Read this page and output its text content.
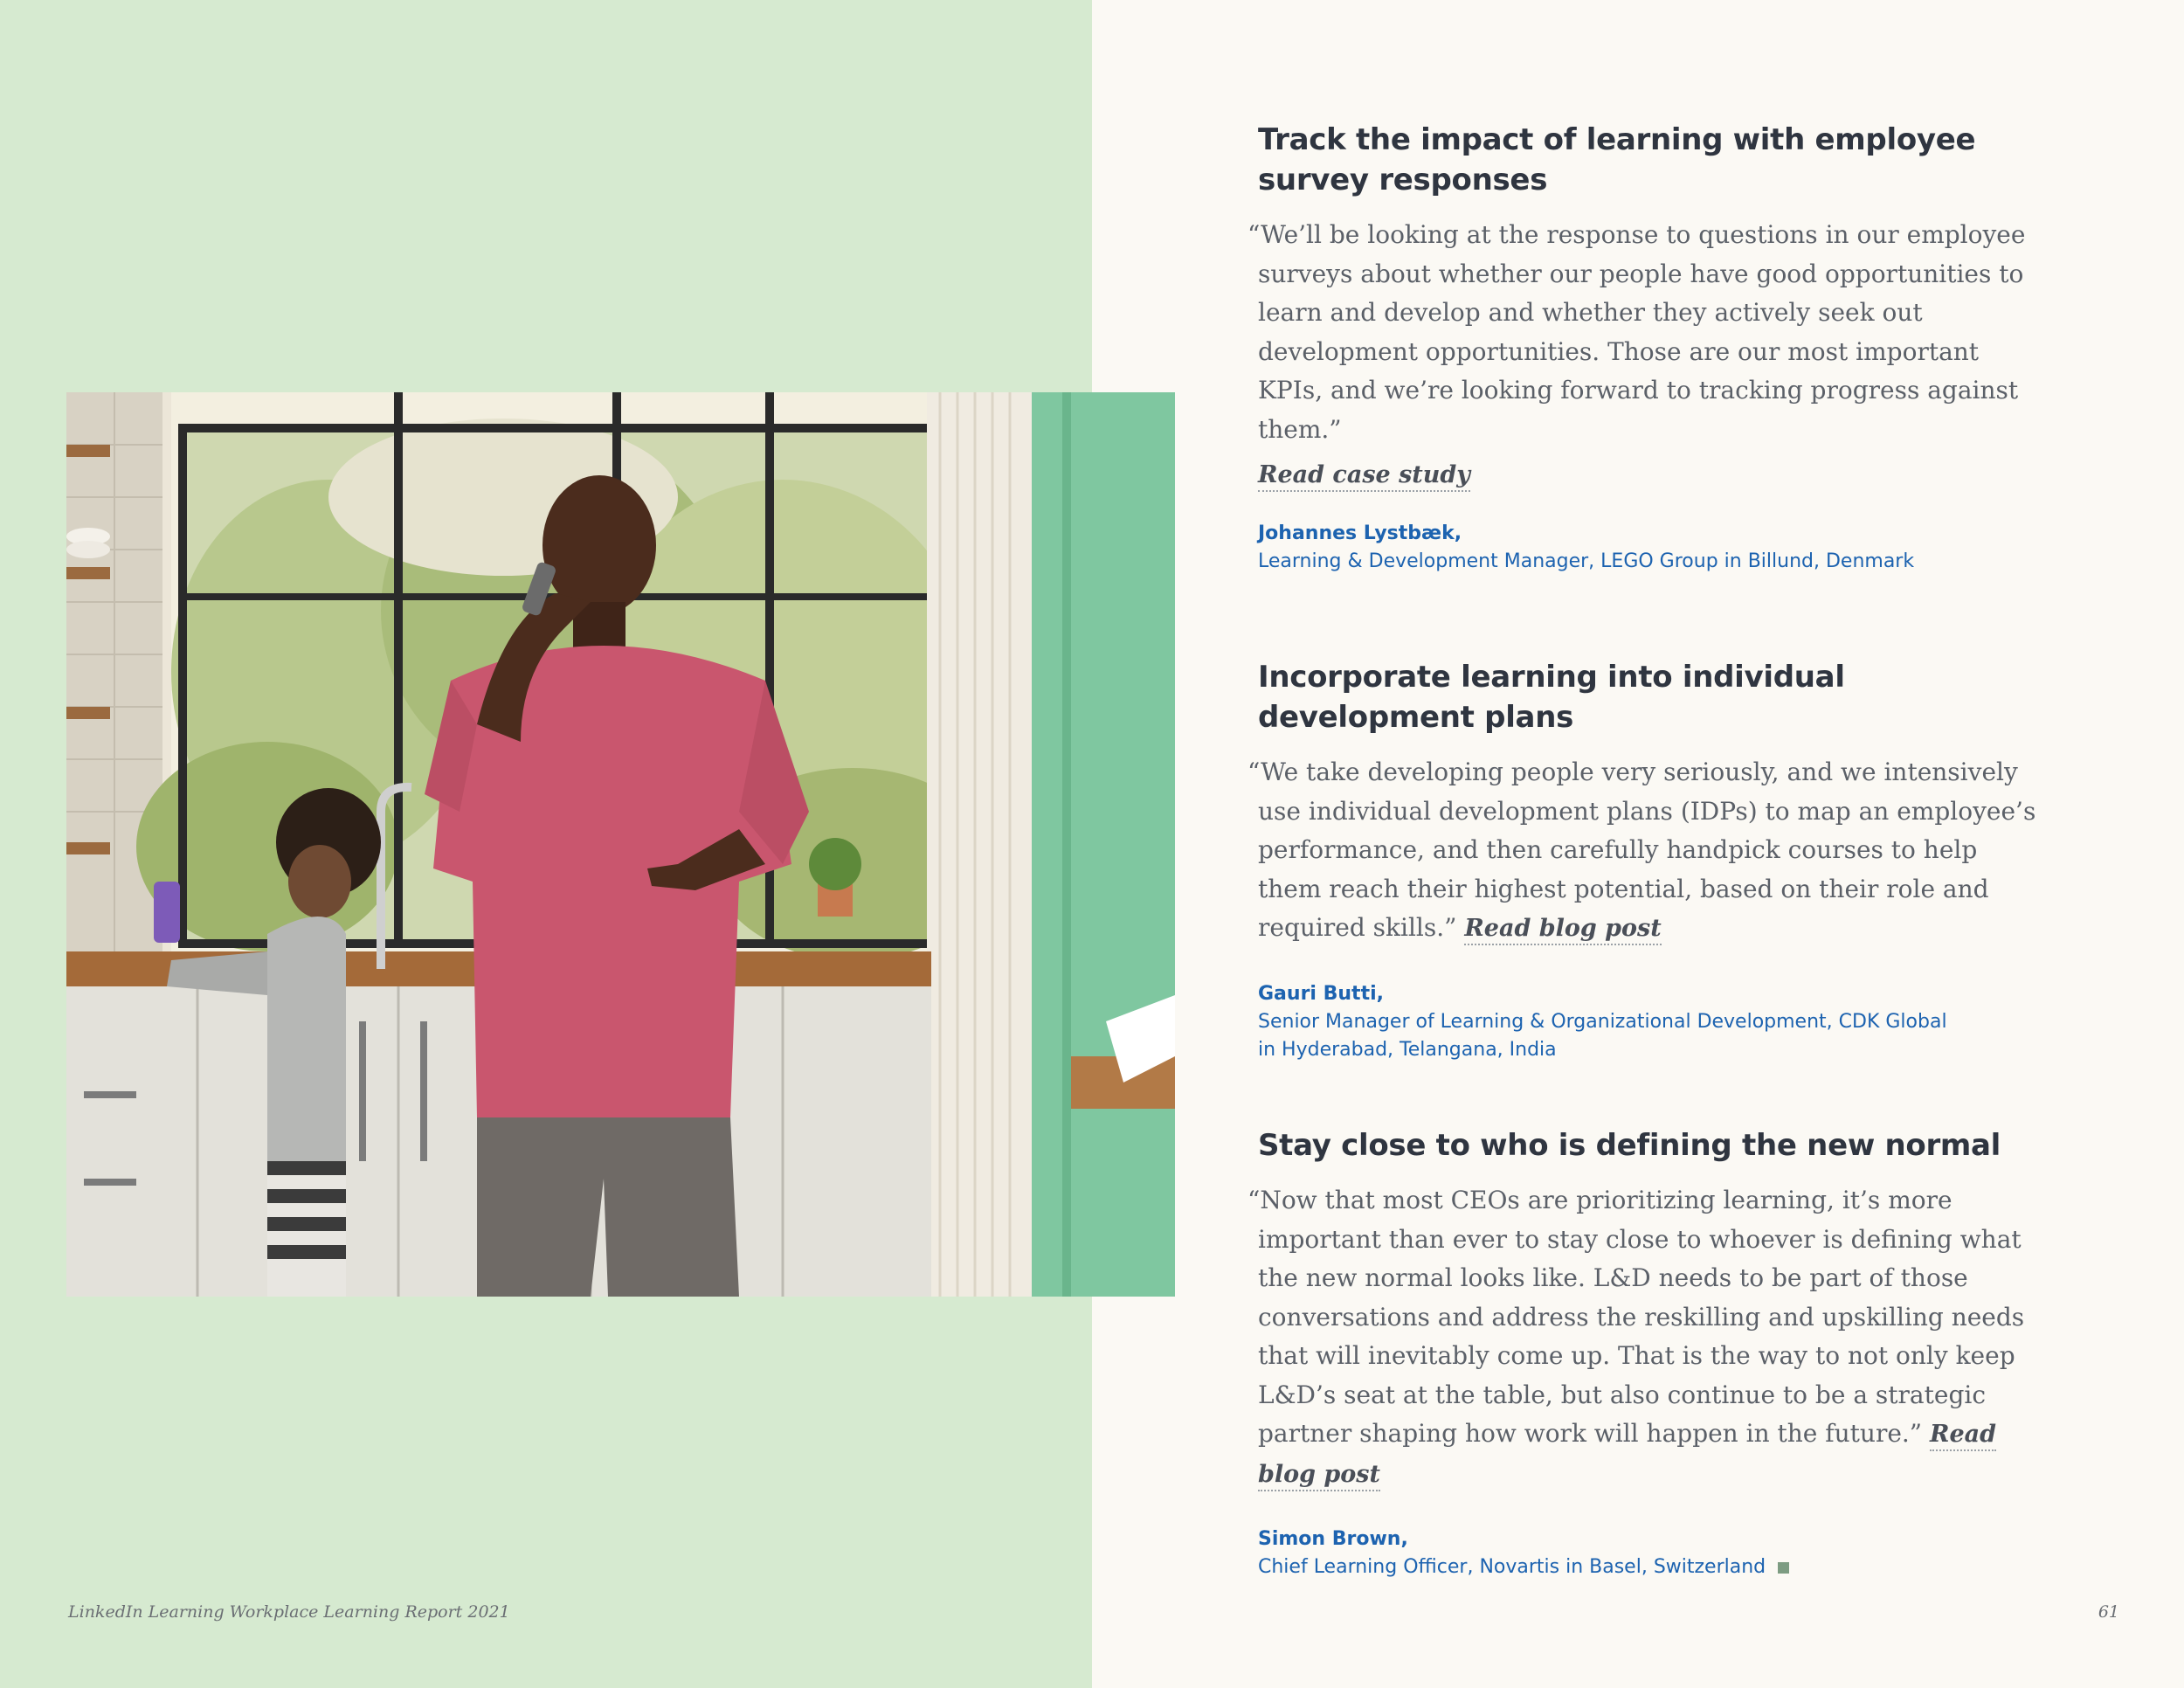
Track the impact of learning with employee
survey responses

“We’ll be looking at the response to questions in our employee surveys about whether our people have good opportunities to learn and develop and whether they actively seek out development opportunities. Those are our most important KPIs, and we’re looking forward to tracking progress against them.”

Read case study
Johannes Lystbæk,
Learning & Development Manager, LEGO Group in Billund, Denmark
Incorporate learning into individual development plans

“We take developing people very seriously, and we intensively use individual development plans (IDPs) to map an employee’s performance, and then carefully handpick courses to help them reach their highest potential, based on their role and required skills.” Read blog post

Gauri Butti,
Senior Manager of Learning & Organizational Development, CDK Global
in Hyderabad, Telangana, India
Stay close to who is defining the new normal

“Now that most CEOs are prioritizing learning, it’s more important than ever to stay close to whoever is defining what the new normal looks like. L&D needs to be part of those conversations and address the reskilling and upskilling needs that will inevitably come up. That is the way to not only keep L&D’s seat at the table, but also continue to be a strategic partner shaping how work will happen in the future.” Read blog post

Simon Brown,
Chief Learning Officer, Novartis in Basel, Switzerland
LinkedIn Learning Workplace Learning Report 2021	61
